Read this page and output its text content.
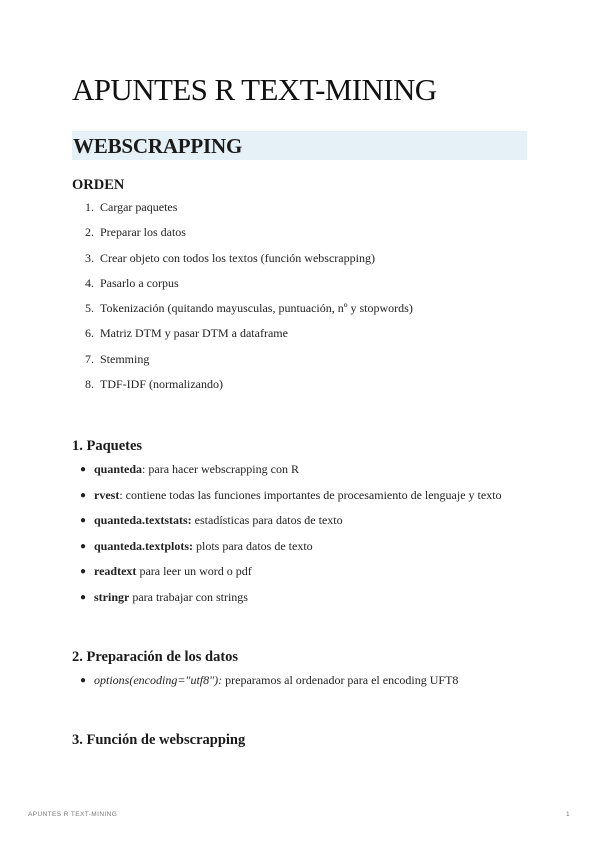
APUNTES R TEXT-MINING
WEBSCRAPPING
ORDEN
1. Cargar paquetes
2. Preparar los datos
3. Crear objeto con todos los textos (función webscrapping)
4. Pasarlo a corpus
5. Tokenización (quitando mayusculas, puntuación, nº y stopwords)
6. Matriz DTM y pasar DTM a dataframe
7. Stemming
8. TDF-IDF (normalizando)
1. Paquetes
● quanteda: para hacer webscrapping con R
● rvest: contiene todas las funciones importantes de procesamiento de lenguaje y texto
● quanteda.textstats: estadísticas para datos de texto
● quanteda.textplots: plots para datos de texto
● readtext para leer un word o pdf
● stringr para trabajar con strings
2. Preparación de los datos
● options(encoding="utf8"): preparamos al ordenador para el encoding UFT8
3. Función de webscrapping
APUNTES R TEXT-MINING	1
